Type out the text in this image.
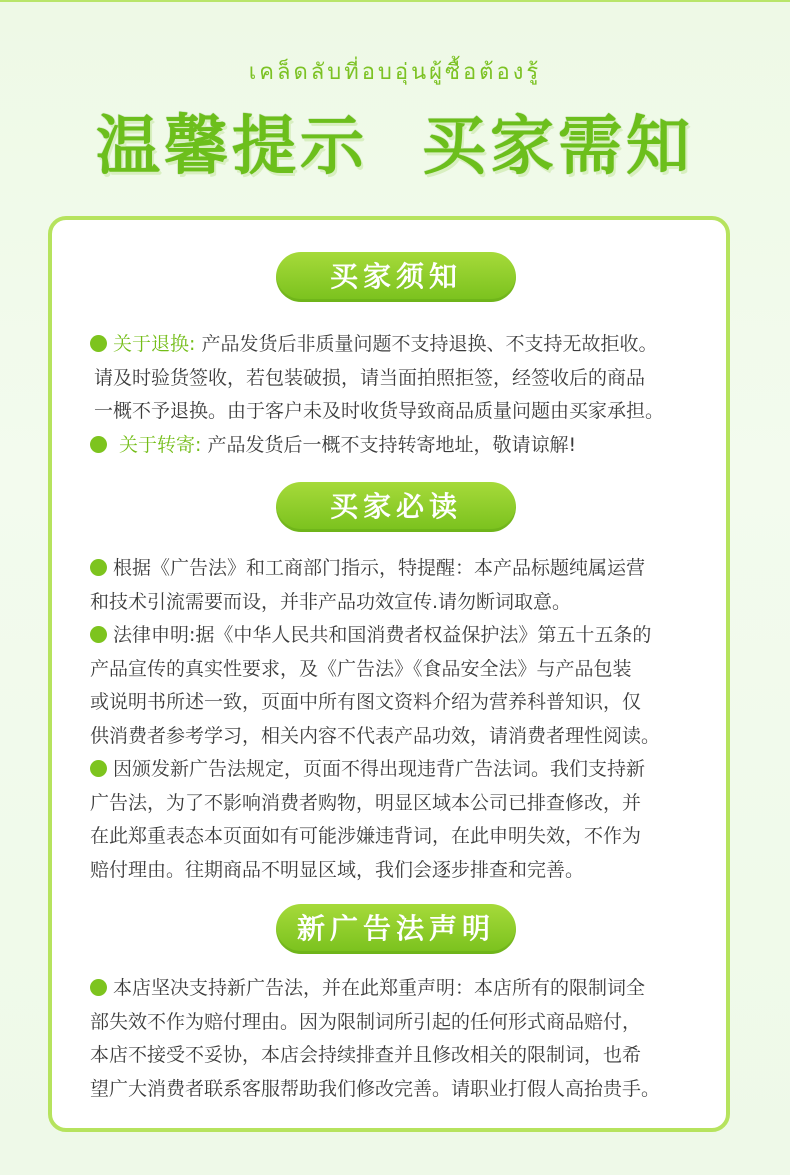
เคล็ดลับที่อบอุ่นผู้ซื้อต้องรู้
温馨提示 买家需知
买家须知

关于退换: 产品发货后非质量问题不支持退换、不支持无故拒收。

请及时验货签收，若包装破损，请当面拍照拒签，经签收后的商品

一概不予退换。由于客户未及时收货导致商品质量问题由买家承担。

关于转寄: 产品发货后一概不支持转寄地址，敬请谅解!

买家必读

根据《广告法》和工商部门指示，特提醒：本产品标题纯属运营

和技术引流需要而设，并非产品功效宣传.请勿断词取意。

法律申明:据《中华人民共和国消费者权益保护法》第五十五条的

产品宣传的真实性要求，及《广告法》《食品安全法》与产品包装

或说明书所述一致，页面中所有图文资料介绍为营养科普知识，仅

供消费者参考学习，相关内容不代表产品功效，请消费者理性阅读。

因颁发新广告法规定，页面不得出现违背广告法词。我们支持新

广告法，为了不影响消费者购物，明显区域本公司已排查修改，并

在此郑重表态本页面如有可能涉嫌违背词，在此申明失效，不作为

赔付理由。往期商品不明显区域，我们会逐步排查和完善。

新广告法声明

本店坚决支持新广告法，并在此郑重声明：本店所有的限制词全

部失效不作为赔付理由。因为限制词所引起的任何形式商品赔付，

本店不接受不妥协，本店会持续排查并且修改相关的限制词，也希

望广大消费者联系客服帮助我们修改完善。请职业打假人高抬贵手。
